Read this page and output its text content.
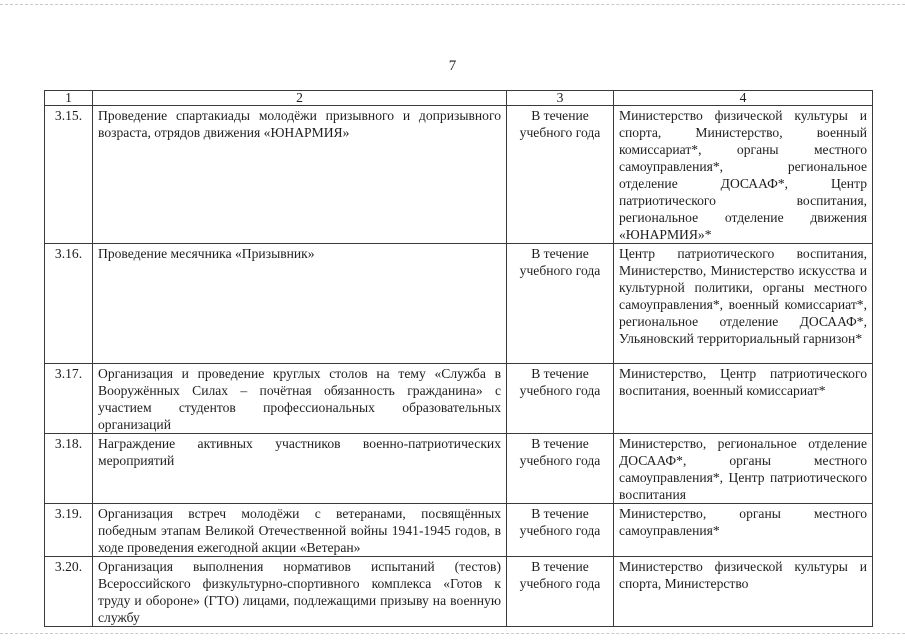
7
1	2	3	4
3.15.	Проведение спартакиады молодёжи призывного и допризывного возраста, отрядов движения «ЮНАРМИЯ»	В течение учебного года	Министерство физической культуры и спорта, Министерство, военный комиссариат*, органы местного самоуправления*, региональное отделение ДОСААФ*, Центр патриотического воспитания, региональное отделение движения «ЮНАРМИЯ»*
3.16.	Проведение месячника «Призывник»	В течение учебного года	Центр патриотического воспитания, Министерство, Министерство искусства и культурной политики, органы местного самоуправления*, военный комиссариат*, региональное отделение ДОСААФ*, Ульяновский территориальный гарнизон*
3.17.	Организация и проведение круглых столов на тему «Служба в Вооружённых Силах – почётная обязанность гражданина» с участием студентов профессиональных образовательных организаций	В течение учебного года	Министерство, Центр патриотического воспитания, военный комиссариат*
3.18.	Награждение активных участников военно-патриотических мероприятий	В течение учебного года	Министерство, региональное отделение ДОСААФ*, органы местного самоуправления*, Центр патриотического воспитания
3.19.	Организация встреч молодёжи с ветеранами, посвящённых победным этапам Великой Отечественной войны 1941-1945 годов, в ходе проведения ежегодной акции «Ветеран»	В течение учебного года	Министерство, органы местного самоуправления*
3.20.	Организация выполнения нормативов испытаний (тестов) Всероссийского физкультурно-спортивного комплекса «Готов к труду и обороне» (ГТО) лицами, подлежащими призыву на военную службу	В течение учебного года	Министерство физической культуры и спорта, Министерство
